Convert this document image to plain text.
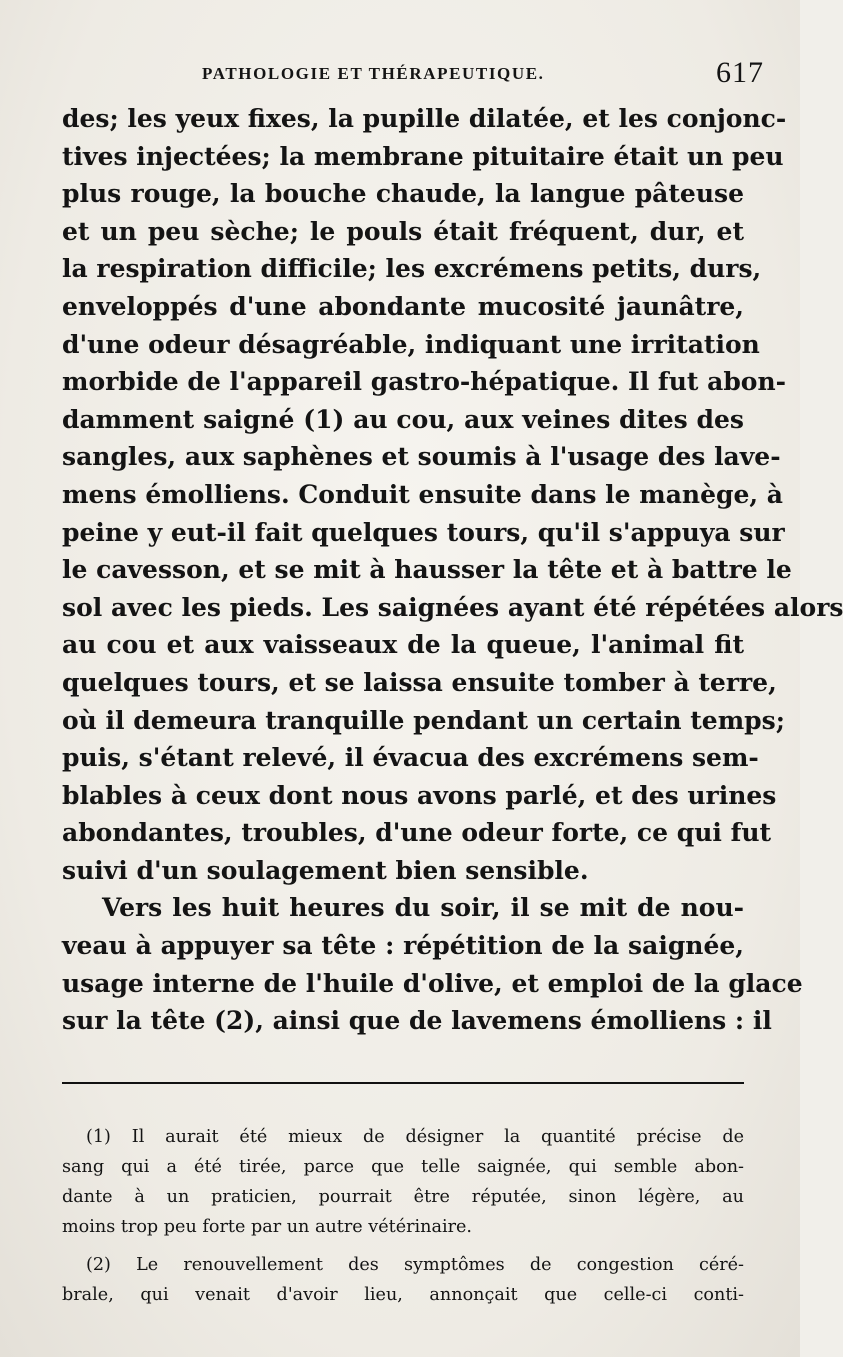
PATHOLOGIE ET THÉRAPEUTIQUE.	617
des; les yeux fixes, la pupille dilatée, et les conjonc-
tives injectées; la membrane pituitaire était un peu
plus rouge, la bouche chaude, la langue pâteuse
et un peu sèche; le pouls était fréquent, dur, et
la respiration difficile; les excrémens petits, durs,
enveloppés d'une abondante mucosité jaunâtre,
d'une odeur désagréable, indiquant une irritation
morbide de l'appareil gastro-hépatique. Il fut abon-
damment saigné (1) au cou, aux veines dites des
sangles, aux saphènes et soumis à l'usage des lave-
mens émolliens. Conduit ensuite dans le manège, à
peine y eut-il fait quelques tours, qu'il s'appuya sur
le cavesson, et se mit à hausser la tête et à battre le
sol avec les pieds. Les saignées ayant été répétées alors
au cou et aux vaisseaux de la queue, l'animal fit
quelques tours, et se laissa ensuite tomber à terre,
où il demeura tranquille pendant un certain temps;
puis, s'étant relevé, il évacua des excrémens sem-
blables à ceux dont nous avons parlé, et des urines
abondantes, troubles, d'une odeur forte, ce qui fut
suivi d'un soulagement bien sensible.
Vers les huit heures du soir, il se mit de nou-
veau à appuyer sa tête : répétition de la saignée,
usage interne de l'huile d'olive, et emploi de la glace
sur la tête (2), ainsi que de lavemens émolliens : il
(1) Il aurait été mieux de désigner la quantité précise de
sang qui a été tirée, parce que telle saignée, qui semble abon-
dante à un praticien, pourrait être réputée, sinon légère, au
moins trop peu forte par un autre vétérinaire.
(2) Le renouvellement des symptômes de congestion céré-
brale, qui venait d'avoir lieu, annonçait que celle-ci conti-
